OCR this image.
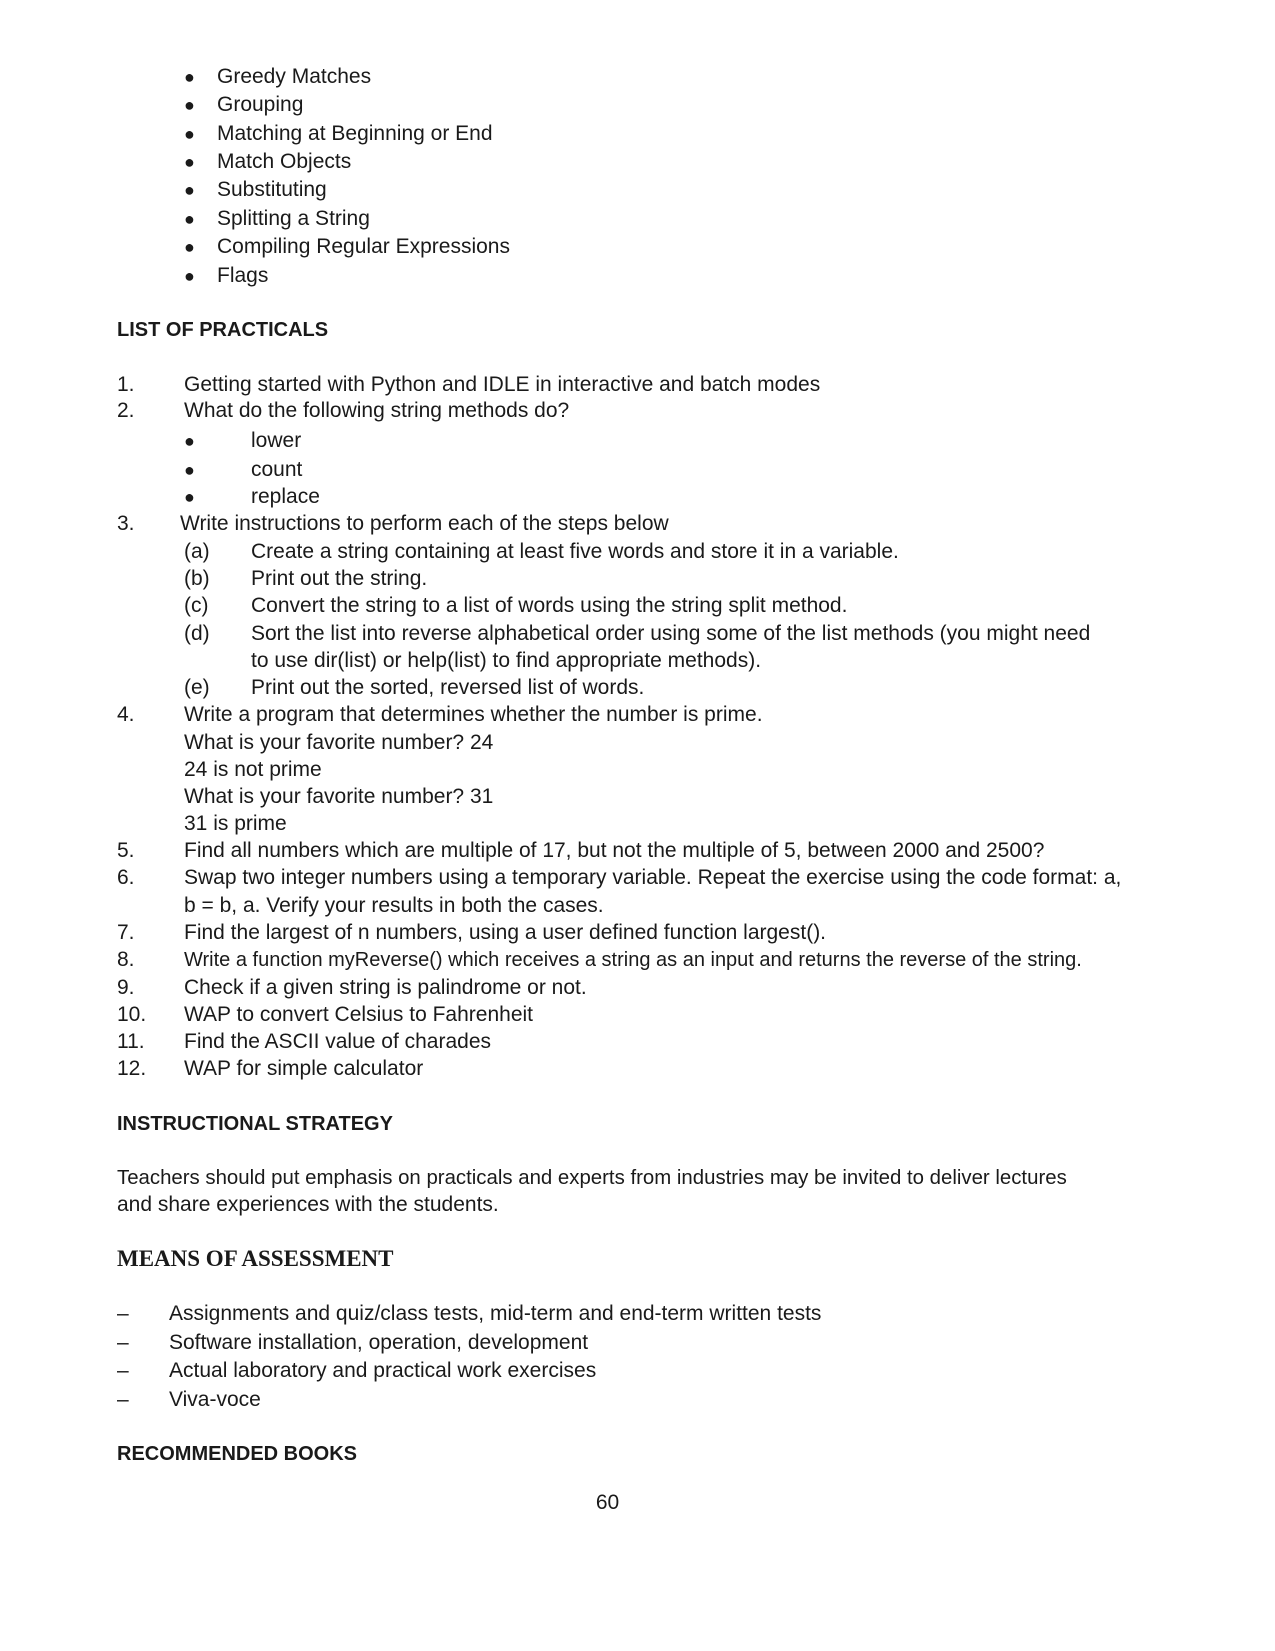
● Greedy Matches
● Grouping
● Matching at Beginning or End
● Match Objects
● Substituting
● Splitting a String
● Compiling Regular Expressions
● Flags
LIST OF PRACTICALS
1. Getting started with Python and IDLE in interactive and batch modes
2. What do the following string methods do?
●	lower
●	count
●	replace
3. Write instructions to perform each of the steps below
(a) Create a string containing at least five words and store it in a variable.
(b) Print out the string.
(c) Convert the string to a list of words using the string split method.
(d) Sort the list into reverse alphabetical order using some of the list methods (you might need
to use dir(list) or help(list) to find appropriate methods).
(e) Print out the sorted, reversed list of words.
4. Write a program that determines whether the number is prime.
What is your favorite number? 24
24 is not prime
What is your favorite number? 31
31 is prime
5. Find all numbers which are multiple of 17, but not the multiple of 5, between 2000 and 2500?
6. Swap two integer numbers using a temporary variable. Repeat the exercise using the code format: a,
b = b, a. Verify your results in both the cases.
7. Find the largest of n numbers, using a user defined function largest().
8. Write a function myReverse() which receives a string as an input and returns the reverse of the string.
9. Check if a given string is palindrome or not.
10. WAP to convert Celsius to Fahrenheit
11. Find the ASCII value of charades
12. WAP for simple calculator
INSTRUCTIONAL STRATEGY
Teachers should put emphasis on practicals and experts from industries may be invited to deliver lectures
and share experiences with the students.
MEANS OF ASSESSMENT
– Assignments and quiz/class tests, mid-term and end-term written tests
– Software installation, operation, development
– Actual laboratory and practical work exercises
– Viva-voce
RECOMMENDED BOOKS
60
